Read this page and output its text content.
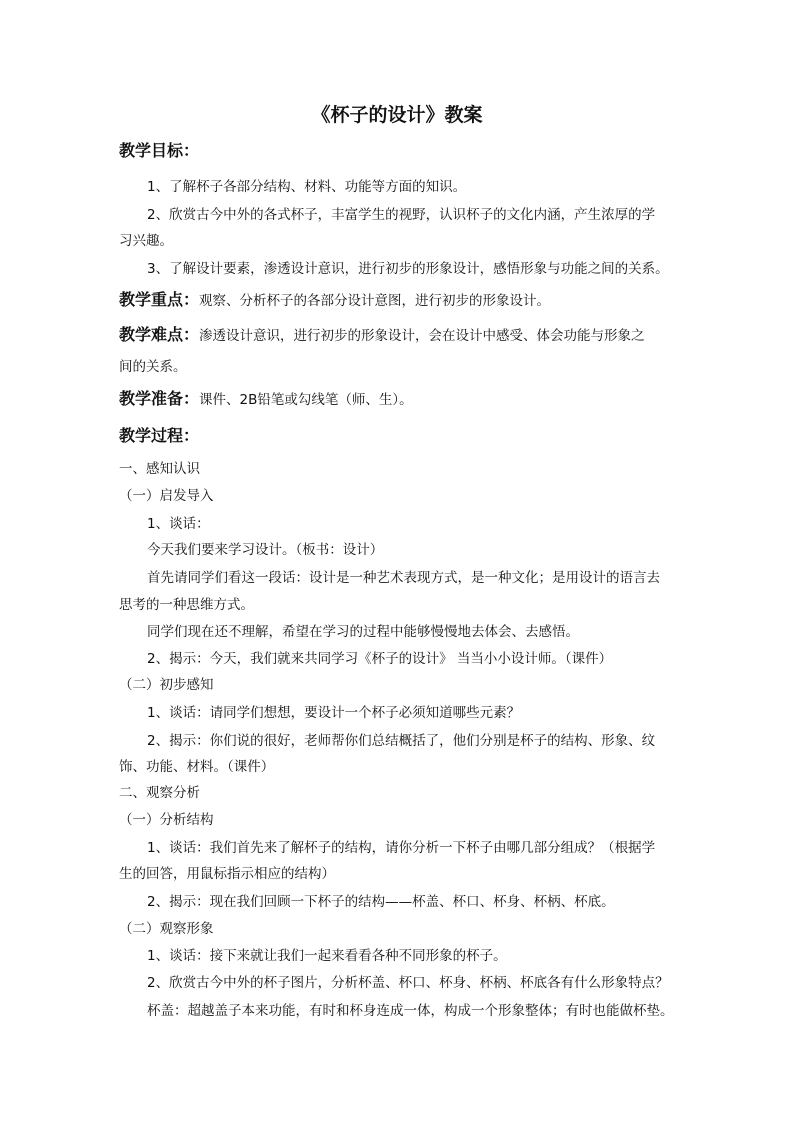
《杯子的设计》教案
教学目标：
1、了解杯子各部分结构、材料、功能等方面的知识。
2、欣赏古今中外的各式杯子，丰富学生的视野，认识杯子的文化内涵，产生浓厚的学
习兴趣。
3、了解设计要素，渗透设计意识，进行初步的形象设计，感悟形象与功能之间的关系。
教学重点：观察、分析杯子的各部分设计意图，进行初步的形象设计。
教学难点：渗透设计意识，进行初步的形象设计，会在设计中感受、体会功能与形象之
间的关系。
教学准备：课件、2B铅笔或勾线笔（师、生）。
教学过程：
一、感知认识
（一）启发导入
1、谈话：
今天我们要来学习设计。（板书：设计）
首先请同学们看这一段话：设计是一种艺术表现方式，是一种文化；是用设计的语言去
思考的一种思维方式。
同学们现在还不理解，希望在学习的过程中能够慢慢地去体会、去感悟。
2、揭示：今天，我们就来共同学习《杯子的设计》 当当小小设计师。（课件）
（二）初步感知
1、谈话：请同学们想想，要设计一个杯子必须知道哪些元素？
2、揭示：你们说的很好，老师帮你们总结概括了，他们分别是杯子的结构、形象、纹
饰、功能、材料。（课件）
二、观察分析
（一）分析结构
1、谈话：我们首先来了解杯子的结构，请你分析一下杯子由哪几部分组成？（根据学
生的回答，用鼠标指示相应的结构）
2、揭示：现在我们回顾一下杯子的结构——杯盖、杯口、杯身、杯柄、杯底。
（二）观察形象
1、谈话：接下来就让我们一起来看看各种不同形象的杯子。
2、欣赏古今中外的杯子图片，分析杯盖、杯口、杯身、杯柄、杯底各有什么形象特点？
杯盖：超越盖子本来功能，有时和杯身连成一体，构成一个形象整体；有时也能做杯垫。
